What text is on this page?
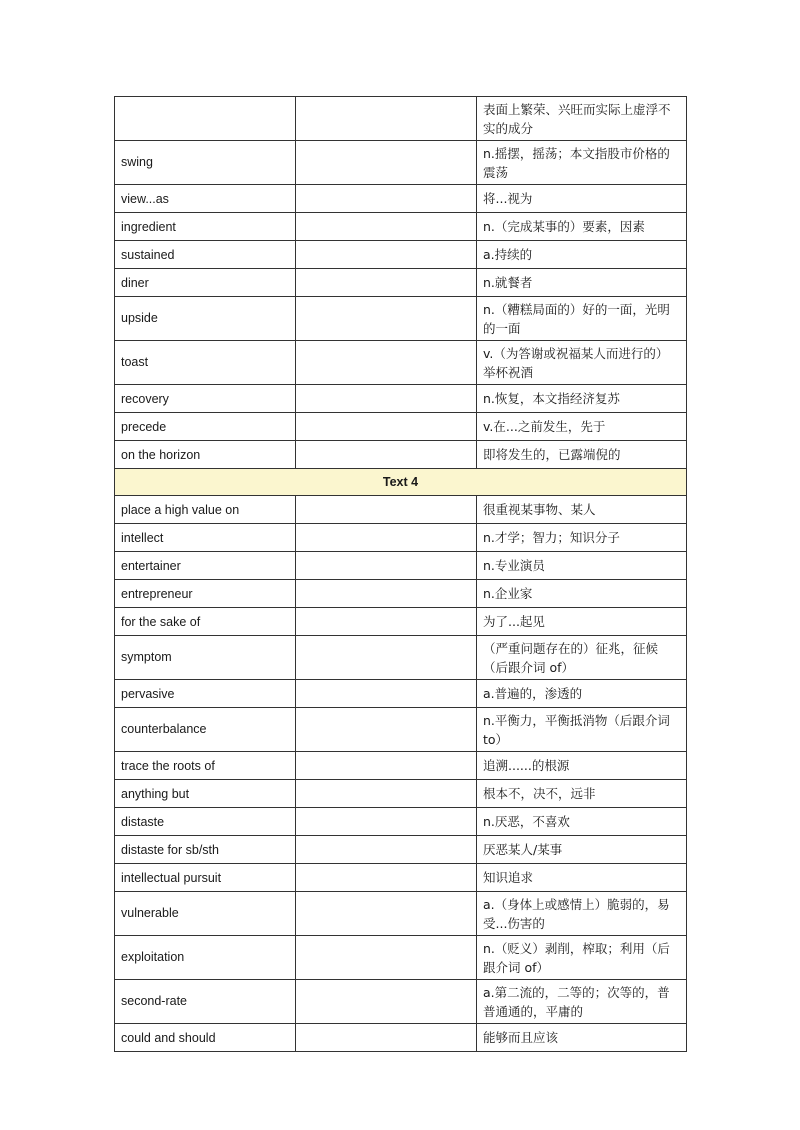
		表面上繁荣、兴旺而实际上虚浮不实的成分
swing		n.摇摆，摇荡；本文指股市价格的震荡
view...as		将...视为
ingredient		n.（完成某事的）要素，因素
sustained		a.持续的
diner		n.就餐者
upside		n.（糟糕局面的）好的一面，光明的一面
toast		v.（为答谢或祝福某人而进行的）举杯祝酒
recovery		n.恢复，本文指经济复苏
precede		v.在...之前发生，先于
on the horizon		即将发生的，已露端倪的
Text 4		
place a high value on		很重视某事物、某人
intellect		n.才学；智力；知识分子
entertainer		n.专业演员
entrepreneur		n.企业家
for the sake of		为了...起见
symptom		（严重问题存在的）征兆，征候（后跟介词 of）
pervasive		a.普遍的，渗透的
counterbalance		n.平衡力，平衡抵消物（后跟介词 to）
trace the roots of		追溯......的根源
anything but		根本不，决不，远非
distaste		n.厌恶，不喜欢
distaste for sb/sth		厌恶某人/某事
intellectual pursuit		知识追求
vulnerable		a.（身体上或感情上）脆弱的，易受...伤害的
exploitation		n.（贬义）剥削，榨取；利用（后跟介词 of）
second-rate		a.第二流的，二等的；次等的，普普通通的，平庸的
could and should		能够而且应该
